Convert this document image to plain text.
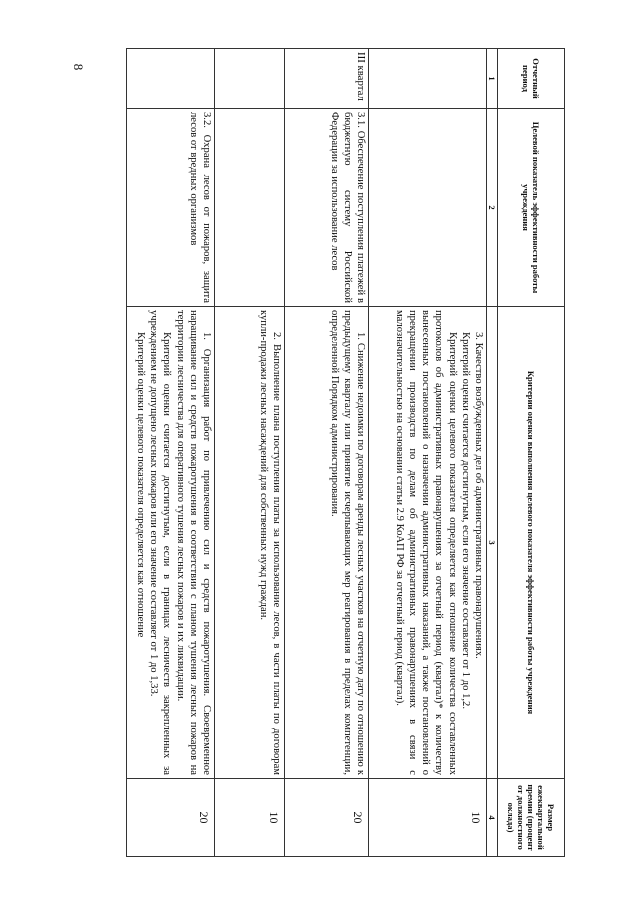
8	Отчетный период	Целевой показатель эффективности работы учреждения	Критерии оценки выполнения целевого показателя эффективности работы учреждения	Размер ежеквартальной премии (процент от должностного оклада)
1	2	3	4

		3. Качество возбужденных дел об административных правонарушениях.

Критерий оценки считается достигнутым, если его значение составляет от 1 до 1,2.

Критерий оценки целевого показателя определяется как отношение количества составленных протоколов об административных правонарушениях за отчетный период (квартал)* к количеству вынесенных постановлений о назначении административных наказаний, а также постановлений о прекращении производств по делам об административных правонарушениях в связи с малозначительностью на основании статьи 2.9 КоАП РФ за отчетный период (квартал).	10
III квартал	3.1. Обеспечение поступления платежей в бюджетную систему Российской Федерации за использование лесов	1. Снижение недоимки по договорам аренды лесных участков на отчетную дату по отношению к предыдущему кварталу или принятие исчерпывающих мер реагирования в пределах компетенции, определенной Порядком администрирования.	20

		2. Выполнение плана поступления платы за использование лесов, в части платы по договорам купли-продажи лесных насаждений для собственных нужд граждан.	10
	3.2. Охрана лесов от пожаров, защита лесов от вредных организмов	1. Организация работ по привлечению сил и средств пожаротушения. Своевременное наращивание сил и средств пожаротушения в соответствии с планом тушения лесных пожаров на территории лесничества для оперативного тушения лесных пожаров и их ликвидации.

Критерий оценки считается достигнутым, если в границах лесничеств закрепленных за учреждением не допущено лесных пожаров или его значение составляет от 1 до 1,33.

Критерий оценки целевого показателя определяется как отношение	20
